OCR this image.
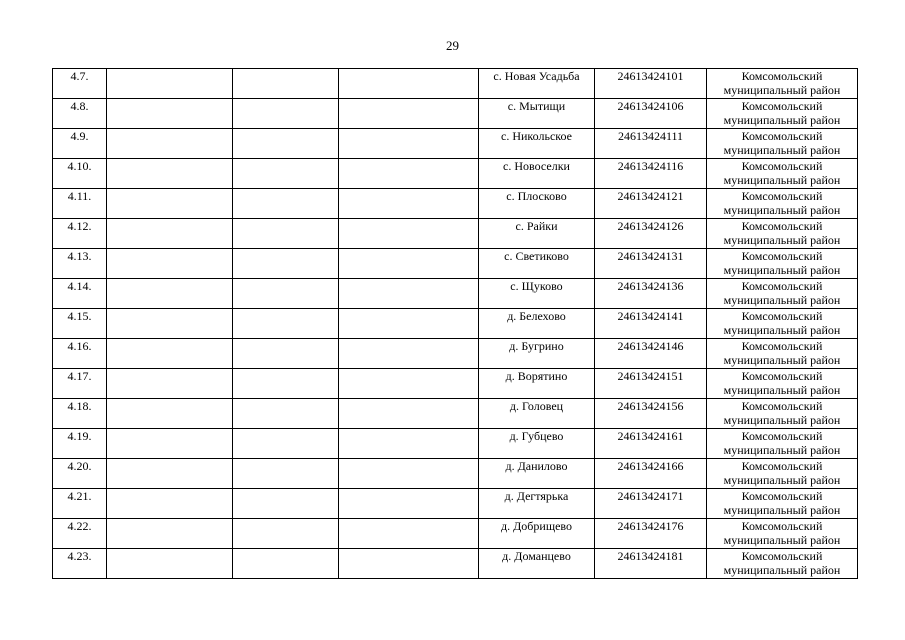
29
4.7.				с. Новая Усадьба	24613424101	Комсомольский
муниципальный район

4.8.				с. Мытищи	24613424106	Комсомольский
муниципальный район

4.9.				с. Никольское	24613424111	Комсомольский
муниципальный район

4.10.				с. Новоселки	24613424116	Комсомольский
муниципальный район

4.11.				с. Плосково	24613424121	Комсомольский
муниципальный район

4.12.				с. Райки	24613424126	Комсомольский
муниципальный район

4.13.				с. Светиково	24613424131	Комсомольский
муниципальный район

4.14.				с. Щуково	24613424136	Комсомольский
муниципальный район

4.15.				д. Белехово	24613424141	Комсомольский
муниципальный район

4.16.				д. Бугрино	24613424146	Комсомольский
муниципальный район

4.17.				д. Ворятино	24613424151	Комсомольский
муниципальный район

4.18.				д. Головец	24613424156	Комсомольский
муниципальный район

4.19.				д. Губцево	24613424161	Комсомольский
муниципальный район

4.20.				д. Данилово	24613424166	Комсомольский
муниципальный район

4.21.				д. Дегтярька	24613424171	Комсомольский
муниципальный район

4.22.				д. Добрищево	24613424176	Комсомольский
муниципальный район

4.23.				д. Доманцево	24613424181	Комсомольский
муниципальный район
